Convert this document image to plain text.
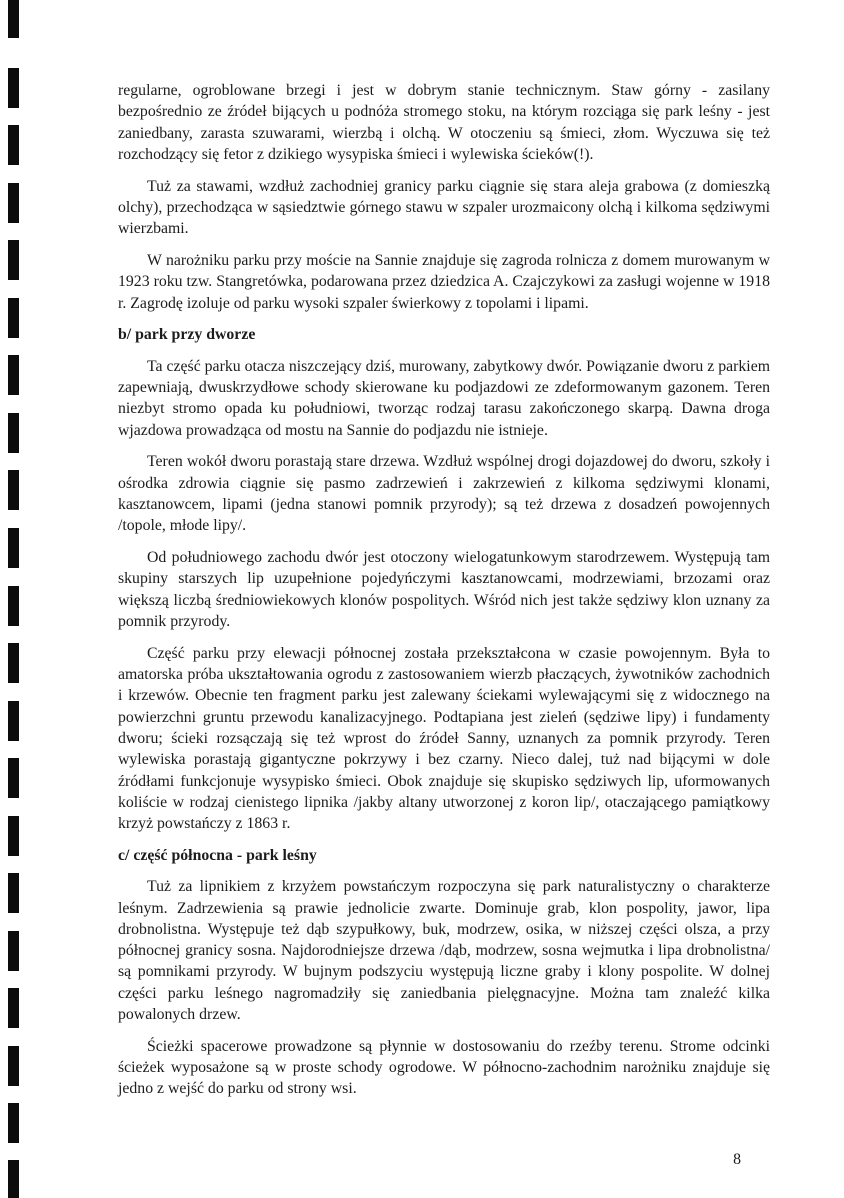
regularne, ogroblowane brzegi i jest w dobrym stanie technicznym. Staw górny - zasilany bezpośrednio ze źródeł bijących u podnóża stromego stoku, na którym rozciąga się park leśny - jest zaniedbany, zarasta szuwarami, wierzbą i olchą. W otoczeniu są śmieci, złom. Wyczuwa się też rozchodzący się fetor z dzikiego wysypiska śmieci i wylewiska ścieków(!).

Tuż za stawami, wzdłuż zachodniej granicy parku ciągnie się stara aleja grabowa (z domieszką olchy), przechodząca w sąsiedztwie górnego stawu w szpaler urozmaicony olchą i kilkoma sędziwymi wierzbami.

W narożniku parku przy moście na Sannie znajduje się zagroda rolnicza z domem murowanym w 1923 roku tzw. Stangretówka, podarowana przez dziedzica A. Czajczykowi za zasługi wojenne w 1918 r. Zagrodę izoluje od parku wysoki szpaler świerkowy z topolami i lipami.

b/ park przy dworze

Ta część parku otacza niszczejący dziś, murowany, zabytkowy dwór. Powiązanie dworu z parkiem zapewniają, dwuskrzydłowe schody skierowane ku podjazdowi ze zdeformowanym gazonem. Teren niezbyt stromo opada ku południowi, tworząc rodzaj tarasu zakończonego skarpą. Dawna droga wjazdowa prowadząca od mostu na Sannie do podjazdu nie istnieje.

Teren wokół dworu porastają stare drzewa. Wzdłuż wspólnej drogi dojazdowej do dworu, szkoły i ośrodka zdrowia ciągnie się pasmo zadrzewień i zakrzewień z kilkoma sędziwymi klonami, kasztanowcem, lipami (jedna stanowi pomnik przyrody); są też drzewa z dosadzeń powojennych /topole, młode lipy/.

Od południowego zachodu dwór jest otoczony wielogatunkowym starodrzewem. Występują tam skupiny starszych lip uzupełnione pojedyńczymi kasztanowcami, modrzewiami, brzozami oraz większą liczbą średniowiekowych klonów pospolitych. Wśród nich jest także sędziwy klon uznany za pomnik przyrody.

Część parku przy elewacji północnej została przekształcona w czasie powojennym. Była to amatorska próba ukształtowania ogrodu z zastosowaniem wierzb płaczących, żywotników zachodnich i krzewów. Obecnie ten fragment parku jest zalewany ściekami wylewającymi się z widocznego na powierzchni gruntu przewodu kanalizacyjnego. Podtapiana jest zieleń (sędziwe lipy) i fundamenty dworu; ścieki rozsączają się też wprost do źródeł Sanny, uznanych za pomnik przyrody. Teren wylewiska porastają gigantyczne pokrzywy i bez czarny. Nieco dalej, tuż nad bijącymi w dole źródłami funkcjonuje wysypisko śmieci. Obok znajduje się skupisko sędziwych lip, uformowanych koliście w rodzaj cienistego lipnika /jakby altany utworzonej z koron lip/, otaczającego pamiątkowy krzyż powstańczy z 1863 r.

c/ część północna - park leśny

Tuż za lipnikiem z krzyżem powstańczym rozpoczyna się park naturalistyczny o charakterze leśnym. Zadrzewienia są prawie jednolicie zwarte. Dominuje grab, klon pospolity, jawor, lipa drobnolistna. Występuje też dąb szypułkowy, buk, modrzew, osika, w niższej części olsza, a przy północnej granicy sosna. Najdorodniejsze drzewa /dąb, modrzew, sosna wejmutka i lipa drobnolistna/ są pomnikami przyrody. W bujnym podszyciu występują liczne graby i klony pospolite. W dolnej części parku leśnego nagromadziły się zaniedbania pielęgnacyjne. Można tam znaleźć kilka powalonych drzew.

Ścieżki spacerowe prowadzone są płynnie w dostosowaniu do rzeźby terenu. Strome odcinki ścieżek wyposażone są w proste schody ogrodowe. W północno-zachodnim narożniku znajduje się jedno z wejść do parku od strony wsi.

8
